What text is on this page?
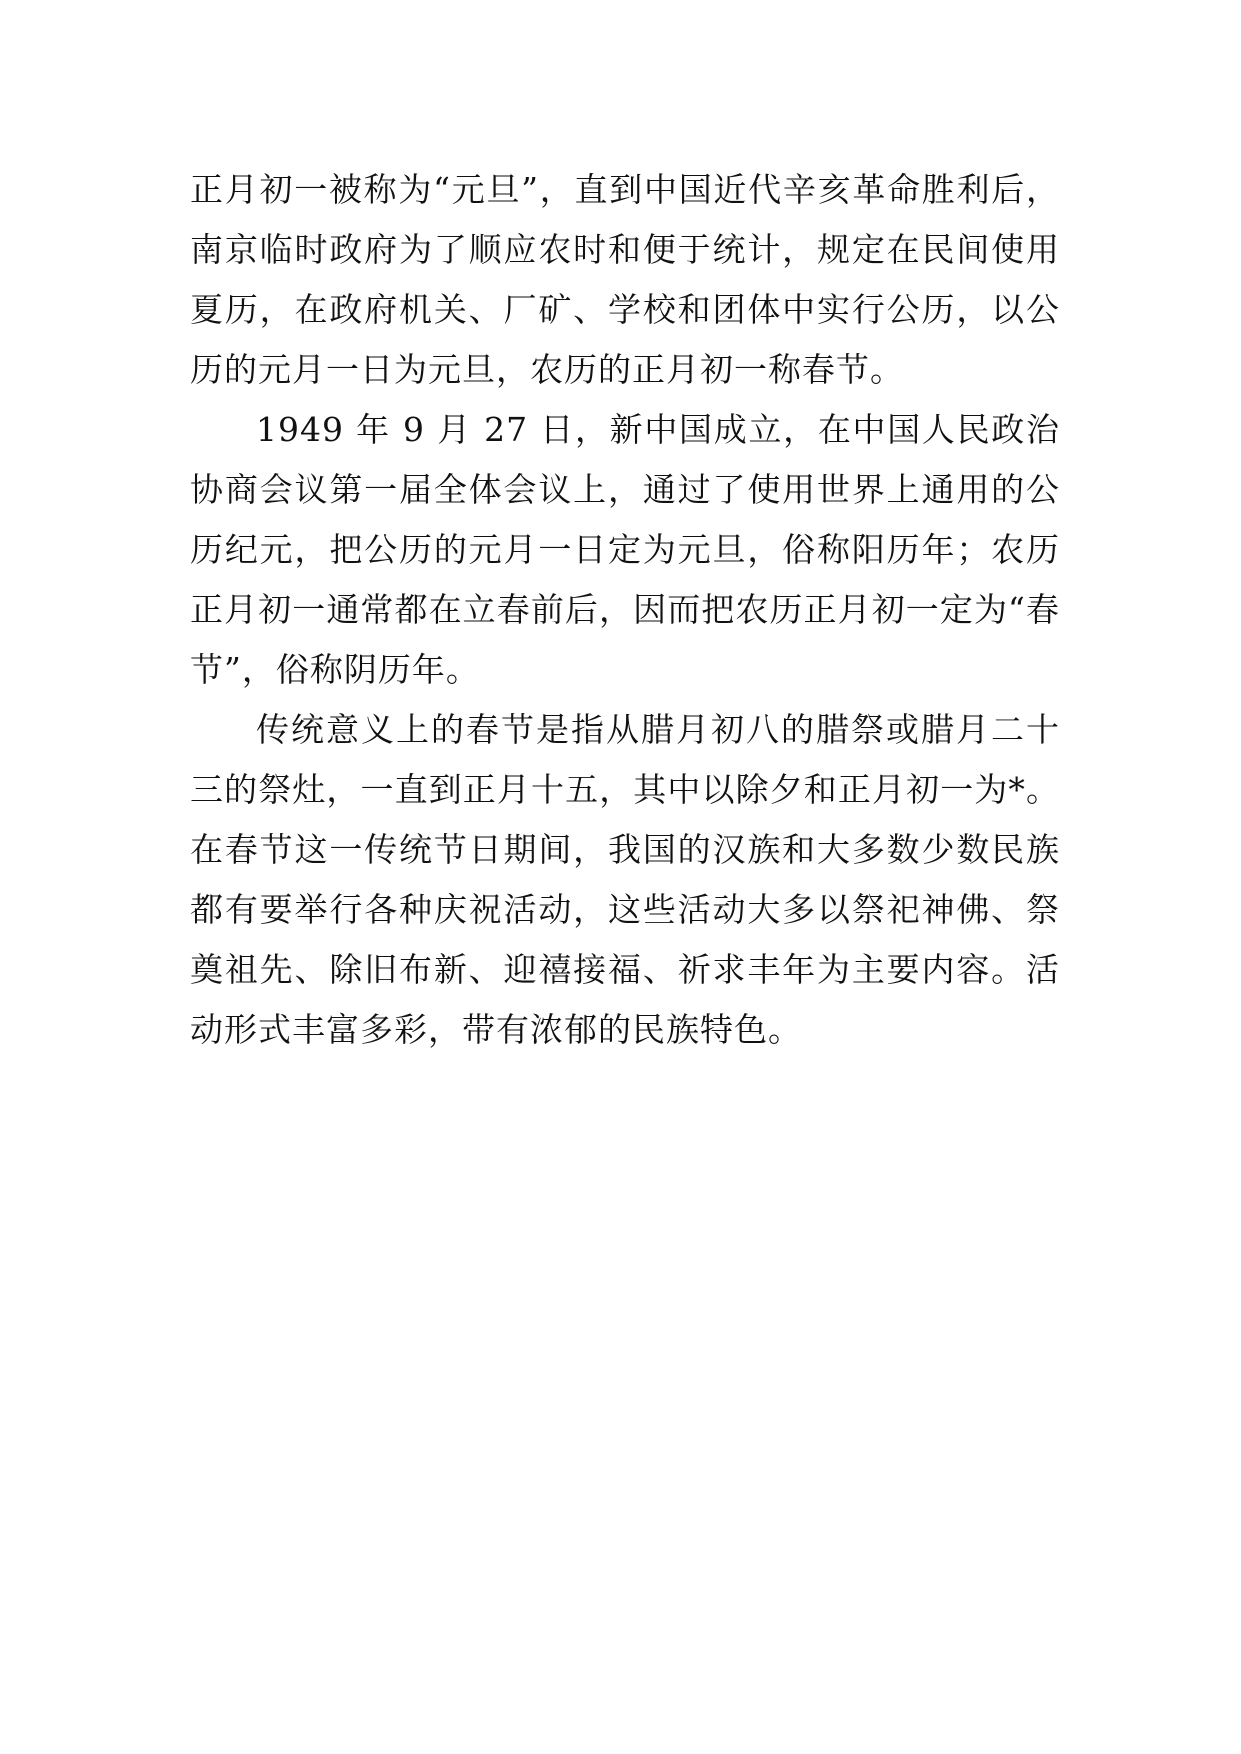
正月初一被称为“元旦”，直到中国近代辛亥革命胜利后，南京临时政府为了顺应农时和便于统计，规定在民间使用夏历，在政府机关、厂矿、学校和团体中实行公历，以公历的元月一日为元旦，农历的正月初一称春节。

1949 年 9 月 27 日，新中国成立，在中国人民政治协商会议第一届全体会议上，通过了使用世界上通用的公历纪元，把公历的元月一日定为元旦，俗称阳历年；农历正月初一通常都在立春前后，因而把农历正月初一定为“春节”，俗称阴历年。

传统意义上的春节是指从腊月初八的腊祭或腊月二十三的祭灶，一直到正月十五，其中以除夕和正月初一为*。在春节这一传统节日期间，我国的汉族和大多数少数民族都有要举行各种庆祝活动，这些活动大多以祭祀神佛、祭奠祖先、除旧布新、迎禧接福、祈求丰年为主要内容。活动形式丰富多彩，带有浓郁的民族特色。
